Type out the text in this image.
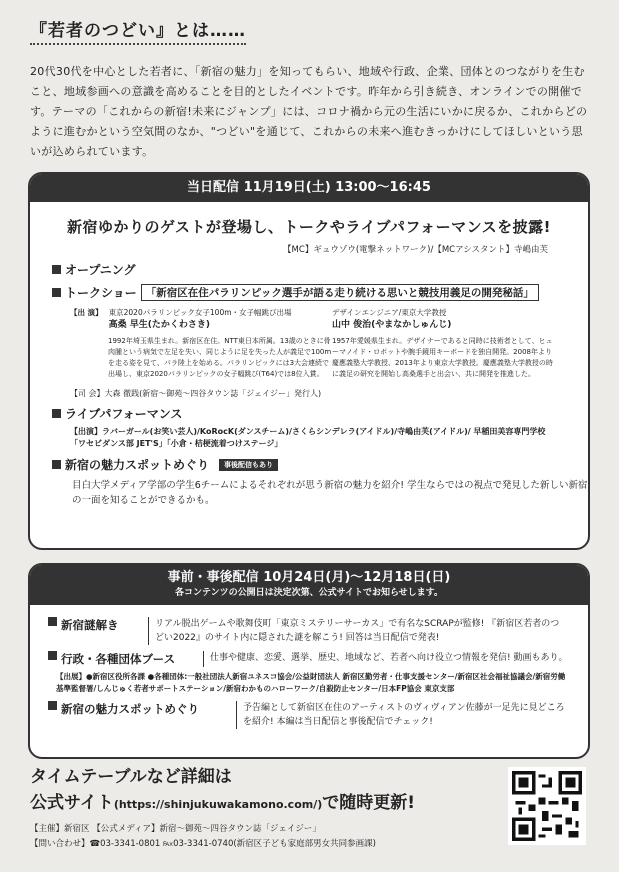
『若者のつどい』とは……
20代30代を中心とした若者に、「新宿の魅力」を知ってもらい、地域や行政、企業、団体とのつながりを生むこと、地域参画への意識を高めることを目的としたイベントです。昨年から引き続き、オンラインでの開催です。テーマの「これからの新宿!未来にジャンプ」には、コロナ禍から元の生活にいかに戻るか、これからどのように進むかという空気間のなか、"つどい"を通じて、これからの未来へ進むきっかけにしてほしいという思いが込められています。
当日配信 11月19日(土) 13:00〜16:45
新宿ゆかりのゲストが登場し、トークやライブパフォーマンスを披露!
【MC】ギュウゾウ(電撃ネットワーク)/【MCアシスタント】寺嶋由芙
オープニング
トークショー 「新宿区在住パラリンピック選手が語る走り続ける思いと競技用義足の開発秘話」
【出 演】 東京2020パラリンピック女子100m・女子幅跳び出場
高桑 早生(たかくわさき)
1992年埼玉県生まれ。新宿区在住。NTT東日本所属。13歳のときに骨肉腫という病気で左足を失い、同じように足を失った人が義足で100mを走る姿を見て、パラ陸上を始める。パラリンピックには3大会連続で出場し、東京2020パラリンピックの女子幅跳び(T64)では8位入賞。
デザインエンジニア/東京大学教授
山中 俊治(やまなかしゅんじ)
1957年愛媛県生まれ。デザイナーであると同時に技術者として、ヒューマノイド・ロボットや腕手鏡用キーボードを独自開発。2008年より慶應義塾大学教授、2013年より東京大学教授。慶應義塾大学教授の時に義足の研究を開始し高桑選手と出会い、共に開発を推進した。
【司 会】大森 徹践(新宿〜御苑〜四谷タウン誌「ジェイジー」発行人)
ライブパフォーマンス
【出演】ラバーガール(お笑い芸人)/KoRocK(ダンスチーム)/さくらシンデレラ(アイドル)/寺嶋由芙(アイドル)/ 早稲田美容専門学校「ワセビダンス部 JET'S」「小倉・桔梗流着つけステージ」
新宿の魅力スポットめぐり	事後配信もあり
目白大学メディア学部の学生6チームによるそれぞれが思う新宿の魅力を紹介! 学生ならではの視点で発見した新しい新宿の一面を知ることができるかも。
事前・事後配信 10月24日(月)〜12月18日(日)
各コンテンツの公開日は決定次第、公式サイトでお知らせします。
新宿謎解き	リアル脱出ゲームや歌舞伎町「東京ミステリーサーカス」で有名なSCRAPが監修! 『新宿区若者のつどい2022』のサイト内に隠された謎を解こう! 回答は当日配信で発表!
行政・各種団体ブース	仕事や健康、恋愛、選挙、歴史、地域など、若者へ向け役立つ情報を発信! 動画もあり。
【出展】●新宿区役所各課 ●各種団体:一般社団法人新宿ユネスコ協会/公益財団法人 新宿区勤労者・仕事支援センター/新宿区社会福祉協議会/新宿労働基準監督署/しんじゅく若者サポートステーション/新宿わかものハローワーク/自殺防止センター/日本FP協会 東京支部
新宿の魅力スポットめぐり	予告編として新宿区在住のアーティストのヴィヴィアン佐藤が一足先に見どころを紹介! 本編は当日配信と事後配信でチェック!
タイムテーブルなど詳細は
公式サイト(https://shinjukuwakamono.com/)で随時更新!
【主催】新宿区 【公式メディア】新宿〜御苑〜四谷タウン誌「ジェイジー」
【問い合わせ】☎03-3341-0801 ℻03-3341-0740(新宿区子ども家庭部男女共同参画課)
